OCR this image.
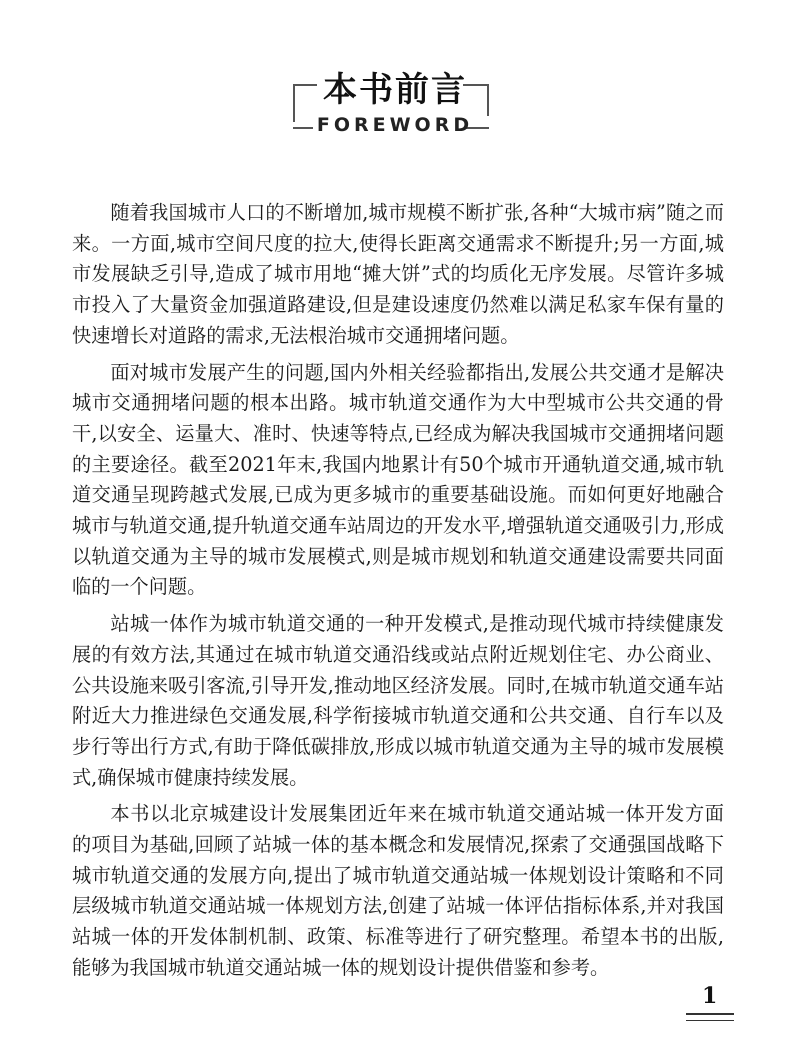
本书前言
FOREWORD

随着我国城市人口的不断增加,城市规模不断扩张,各种“大城市病”随之而来。一方面,城市空间尺度的拉大,使得长距离交通需求不断提升;另一方面,城市发展缺乏引导,造成了城市用地“摊大饼”式的均质化无序发展。尽管许多城市投入了大量资金加强道路建设,但是建设速度仍然难以满足私家车保有量的快速增长对道路的需求,无法根治城市交通拥堵问题。

面对城市发展产生的问题,国内外相关经验都指出,发展公共交通才是解决城市交通拥堵问题的根本出路。城市轨道交通作为大中型城市公共交通的骨干,以安全、运量大、准时、快速等特点,已经成为解决我国城市交通拥堵问题的主要途径。截至2021年末,我国内地累计有50个城市开通轨道交通,城市轨道交通呈现跨越式发展,已成为更多城市的重要基础设施。而如何更好地融合城市与轨道交通,提升轨道交通车站周边的开发水平,增强轨道交通吸引力,形成以轨道交通为主导的城市发展模式,则是城市规划和轨道交通建设需要共同面临的一个问题。

站城一体作为城市轨道交通的一种开发模式,是推动现代城市持续健康发展的有效方法,其通过在城市轨道交通沿线或站点附近规划住宅、办公商业、公共设施来吸引客流,引导开发,推动地区经济发展。同时,在城市轨道交通车站附近大力推进绿色交通发展,科学衔接城市轨道交通和公共交通、自行车以及步行等出行方式,有助于降低碳排放,形成以城市轨道交通为主导的城市发展模式,确保城市健康持续发展。

本书以北京城建设计发展集团近年来在城市轨道交通站城一体开发方面的项目为基础,回顾了站城一体的基本概念和发展情况,探索了交通强国战略下城市轨道交通的发展方向,提出了城市轨道交通站城一体规划设计策略和不同层级城市轨道交通站城一体规划方法,创建了站城一体评估指标体系,并对我国站城一体的开发体制机制、政策、标准等进行了研究整理。希望本书的出版,能够为我国城市轨道交通站城一体的规划设计提供借鉴和参考。

1
